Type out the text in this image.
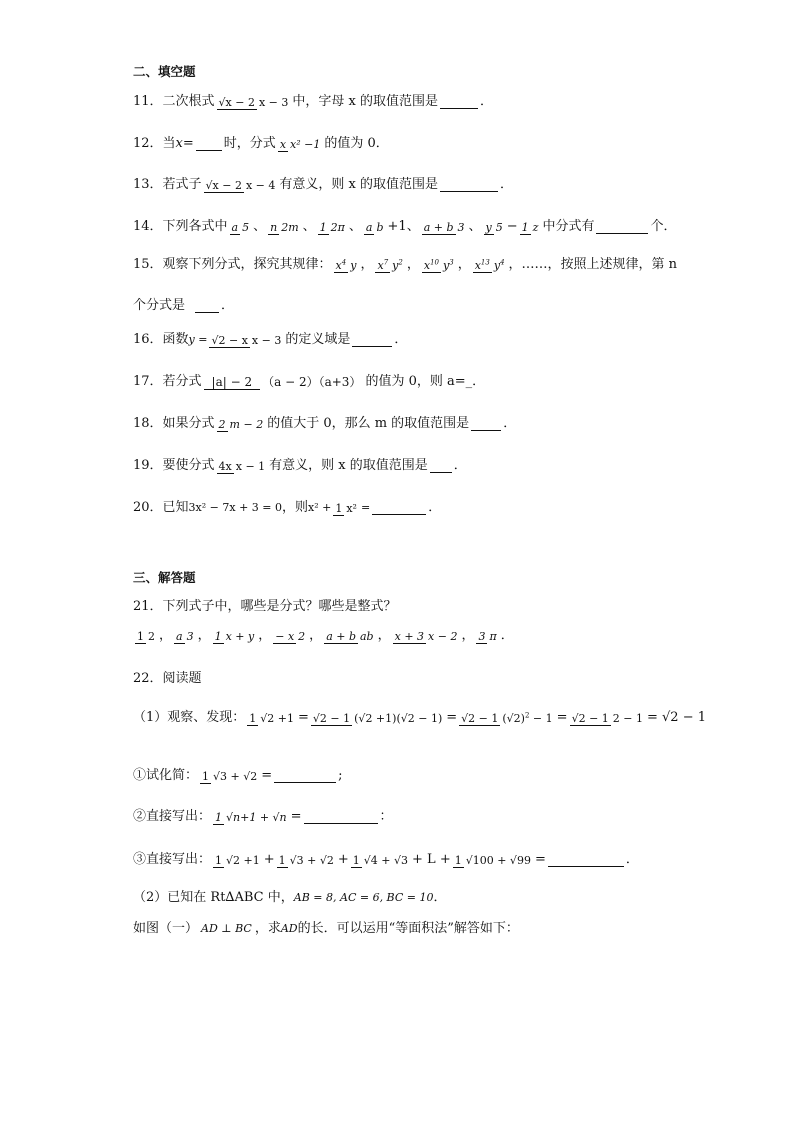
二、填空题
11．二次根式 √x − 2 x − 3 中，字母 x 的取值范围是	．
12．当 x = 时，分式 x x² −1 的值为 0．
13．若式子 √x − 2 x − 4 有意义，则 x 的取值范围是	．
14．下列各式中 a 5 、 n 2m 、 1 2π 、 a b +1、 a + b 3 、 y 5 − 1 z 中分式有	个．
15．观察下列分式，探究其规律： $x^4$ y ， $x^7$ $y^2$ ， $x^{10}$ $y^3$ ， $x^{13}$ $y^4$ ，……，按照上述规律，第 n
个分式是	．
16．函数 y = √2 − x x − 3 的定义域是	．
17．若分式 |a| − 2 （a − 2）（a+3） 的值为 0，则 a=_．
18．如果分式 2 m − 2 的值大于 0，那么 m 的取值范围是	．
19．要使分式 4x x − 1 有意义，则 x 的取值范围是 ．
20．已知 3x² − 7x + 3 = 0 ，则 x² + 1 x² =	．
三、解答题
21．下列式子中，哪些是分式？哪些是整式？
1 2 ， a 3 ， 1 x + y ， − x 2 ， a + b ab ， x + 3 x − 2 ， 3 π ．
22．阅读题
（1）观察、发现： 1 √2 +1 = √2 − 1 (√2 +1)(√2 − 1) = √2 − 1 $(√2)^2 - 1 = √2 - 1$ 2 − 1 = √2 − 1
①试化简： 1 √3 + √2 =	;
②直接写出： 1 √n+1 + √n =	：
③直接写出： 1 √2 +1 + 1 √3 + √2 + 1 √4 + √3 + L + 1 √100 + √99 =	．
（2）已知在 Rt∆ABC 中， AB = 8, AC = 6, BC = 10 ．
如图（一） AD ⊥ BC ，求 AD 的长．可以运用“等面积法”解答如下：
